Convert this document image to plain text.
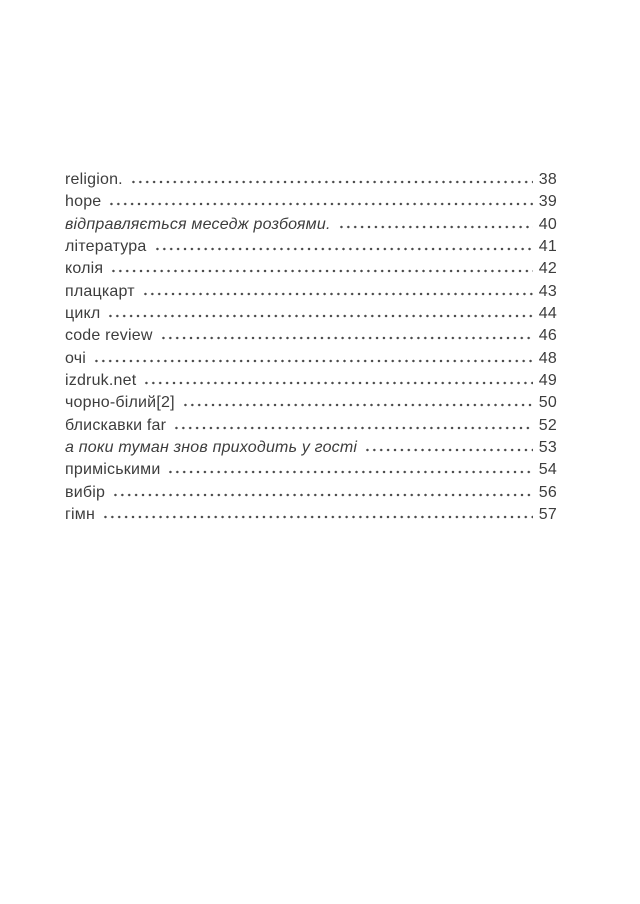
religion.	38
hope	39
відправляється меседж розбоями.	40
література	41
колія	42
плацкарт	43
цикл	44
code review	46
очі	48
izdruk.net	49
чорно-білий[2]	50
блискавки far	52
а поки туман знов приходить у гості	53
приміськими	54
вибір	56
гімн	57
